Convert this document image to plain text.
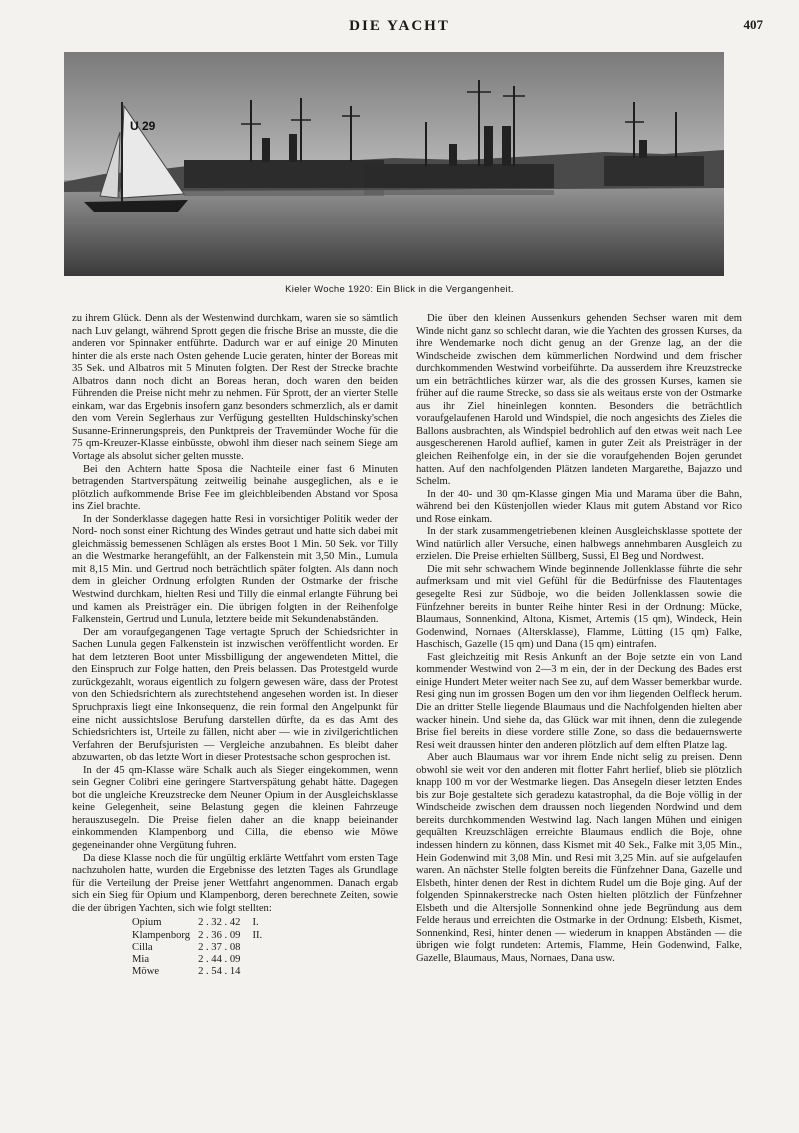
DIE YACHT	407
U 29
Kieler Woche 1920: Ein Blick in die Vergangenheit.

zu ihrem Glück. Denn als der Westenwind durchkam, waren sie so sämtlich nach Luv gelangt, während Sprott gegen die frische Brise an musste, die die anderen vor Spinnaker entführte. Dadurch war er auf einige 20 Minuten hinter die als erste nach Osten gehende Lucie geraten, hinter der Boreas mit 35 Sek. und Albatros mit 5 Minuten folgten. Der Rest der Strecke brachte Albatros dann noch dicht an Boreas heran, doch waren den beiden Führenden die Preise nicht mehr zu nehmen. Für Sprott, der an vierter Stelle einkam, war das Ergebnis insofern ganz besonders schmerzlich, als er damit den vom Verein Seglerhaus zur Verfügung gestellten Huldschinsky'schen Susanne-Erinnerungspreis, den Punktpreis der Travemünder Woche für die 75 qm-Kreuzer-Klasse einbüsste, obwohl ihm dieser nach seinem Siege am Vortage als absolut sicher gelten musste.

Bei den Achtern hatte Sposa die Nachteile einer fast 6 Minuten betragenden Startverspätung zeitweilig beinahe ausgeglichen, als e ie plötzlich aufkommende Brise Fee im gleichbleibenden Abstand vor Sposa ins Ziel brachte.

In der Sonderklasse dagegen hatte Resi in vorsichtiger Politik weder der Nord- noch sonst einer Richtung des Windes getraut und hatte sich dabei mit gleichmässig bemessenen Schlägen als erstes Boot 1 Min. 50 Sek. vor Tilly an die Westmarke herangefühlt, an der Falkenstein mit 3,50 Min., Lumula mit 8,15 Min. und Gertrud noch beträchtlich später folgten. Als dann noch dem in gleicher Ordnung erfolgten Runden der Ostmarke der frische Westwind durchkam, hielten Resi und Tilly die einmal erlangte Führung bei und kamen als Preisträger ein. Die übrigen folgten in der Reihenfolge Falkenstein, Gertrud und Lunula, letztere beide mit Sekundenabständen.

Der am voraufgegangenen Tage vertagte Spruch der Schiedsrichter in Sachen Lunula gegen Falkenstein ist inzwischen veröffentlicht worden. Er hat dem letzteren Boot unter Missbilligung der angewendeten Mittel, die den Einspruch zur Folge hatten, den Preis belassen. Das Protestgeld wurde zurückgezahlt, woraus eigentlich zu folgern gewesen wäre, dass der Protest von den Schiedsrichtern als zurechtstehend angesehen worden ist. In dieser Spruchpraxis liegt eine Inkonsequenz, die rein formal den Angelpunkt für eine nicht aussichtslose Berufung darstellen dürfte, da es das Amt des Schiedsrichters ist, Urteile zu fällen, nicht aber — wie in zivilgerichtlichen Verfahren der Berufsjuristen — Vergleiche anzubahnen. Es bleibt daher abzuwarten, ob das letzte Wort in dieser Protestsache schon gesprochen ist.

In der 45 qm-Klasse wäre Schalk auch als Sieger eingekommen, wenn sein Gegner Colibri eine geringere Startverspätung gehabt hätte. Dagegen bot die ungleiche Kreuzstrecke dem Neuner Opium in der Ausgleichsklasse keine Gelegenheit, seine Belastung gegen die kleinen Fahrzeuge herauszusegeln. Die Preise fielen daher an die knapp beieinander einkommenden Klampenborg und Cilla, die ebenso wie Möwe gegeneinander ohne Vergütung fuhren.

Da diese Klasse noch die für ungültig erklärte Wettfahrt vom ersten Tage nachzuholen hatte, wurden die Ergebnisse des letzten Tages als Grundlage für die Verteilung der Preise jener Wettfahrt angenommen. Danach ergab sich ein Sieg für Opium und Klampenborg, deren berechnete Zeiten, sowie die der übrigen Yachten, sich wie folgt stellten:

Opium	2 . 32 . 42	I.
Klampenborg	2 . 36 . 09	II.
Cilla	2 . 37 . 08	
Mia	2 . 44 . 09	
Möwe	2 . 54 . 14	

Die über den kleinen Aussenkurs gehenden Sechser waren mit dem Winde nicht ganz so schlecht daran, wie die Yachten des grossen Kurses, da ihre Wendemarke noch dicht genug an der Grenze lag, an der die Windscheide zwischen dem kümmerlichen Nordwind und dem frischer durchkommenden Westwind vorbeiführte. Da ausserdem ihre Kreuzstrecke um ein beträchtliches kürzer war, als die des grossen Kurses, kamen sie früher auf die raume Strecke, so dass sie als weitaus erste von der Ostmarke aus ihr Ziel hineinlegen konnten. Besonders die beträchtlich voraufgelaufenen Harold und Windspiel, die noch angesichts des Zieles die Ballons ausbrachten, als Windspiel bedrohlich auf den etwas weit nach Lee ausgescherenen Harold auflief, kamen in guter Zeit als Preisträger in der gleichen Reihenfolge ein, in der sie die voraufgehenden Bojen gerundet hatten. Auf den nachfolgenden Plätzen landeten Margarethe, Bajazzo und Schelm.

In der 40- und 30 qm-Klasse gingen Mia und Marama über die Bahn, während bei den Küstenjollen wieder Klaus mit gutem Abstand vor Rico und Rose einkam.

In der stark zusammengetriebenen kleinen Ausgleichsklasse spottete der Wind natürlich aller Versuche, einen halbwegs annehmbaren Ausgleich zu erzielen. Die Preise erhielten Süllberg, Sussi, El Beg und Nordwest.

Die mit sehr schwachem Winde beginnende Jollenklasse führte die sehr aufmerksam und mit viel Gefühl für die Bedürfnisse des Flautentages gesegelte Resi zur Südboje, wo die beiden Jollenklassen sowie die Fünfzehner bereits in bunter Reihe hinter Resi in der Ordnung: Mücke, Blaumaus, Sonnenkind, Altona, Kismet, Artemis (15 qm), Windeck, Hein Godenwind, Nornaes (Altersklasse), Flamme, Lütting (15 qm) Falke, Haschisch, Gazelle (15 qm) und Dana (15 qm) eintrafen.

Fast gleichzeitig mit Resis Ankunft an der Boje setzte ein von Land kommender Westwind von 2—3 m ein, der in der Deckung des Bades erst einige Hundert Meter weiter nach See zu, auf dem Wasser bemerkbar wurde. Resi ging nun im grossen Bogen um den vor ihm liegenden Oelfleck herum. Die an dritter Stelle liegende Blaumaus und die Nachfolgenden hielten aber wacker hinein. Und siehe da, das Glück war mit ihnen, denn die zulegende Brise fiel bereits in diese vordere stille Zone, so dass die bedauernswerte Resi weit draussen hinter den anderen plötzlich auf dem elften Platze lag.

Aber auch Blaumaus war vor ihrem Ende nicht selig zu preisen. Denn obwohl sie weit vor den anderen mit flotter Fahrt herlief, blieb sie plötzlich knapp 100 m vor der Westmarke liegen. Das Ansegeln dieser letzten Endes bis zur Boje gestaltete sich geradezu katastrophal, da die Boje völlig in der Windscheide zwischen dem draussen noch liegenden Nordwind und dem bereits durchkommenden Westwind lag. Nach langen Mühen und einigen gequälten Kreuzschlägen erreichte Blaumaus endlich die Boje, ohne indessen hindern zu können, dass Kismet mit 40 Sek., Falke mit 3,05 Min., Hein Godenwind mit 3,08 Min. und Resi mit 3,25 Min. auf sie aufgelaufen waren. An nächster Stelle folgten bereits die Fünfzehner Dana, Gazelle und Elsbeth, hinter denen der Rest in dichtem Rudel um die Boje ging. Auf der folgenden Spinnakerstrecke nach Osten hielten plötzlich der Fünfzehner Elsbeth und die Altersjolle Sonnenkind ohne jede Begründung aus dem Felde heraus und erreichten die Ostmarke in der Ordnung: Elsbeth, Kismet, Sonnenkind, Resi, hinter denen — wiederum in knappen Abständen — die übrigen wie folgt rundeten: Artemis, Flamme, Hein Godenwind, Falke, Gazelle, Blaumaus, Maus, Nornaes, Dana usw.
